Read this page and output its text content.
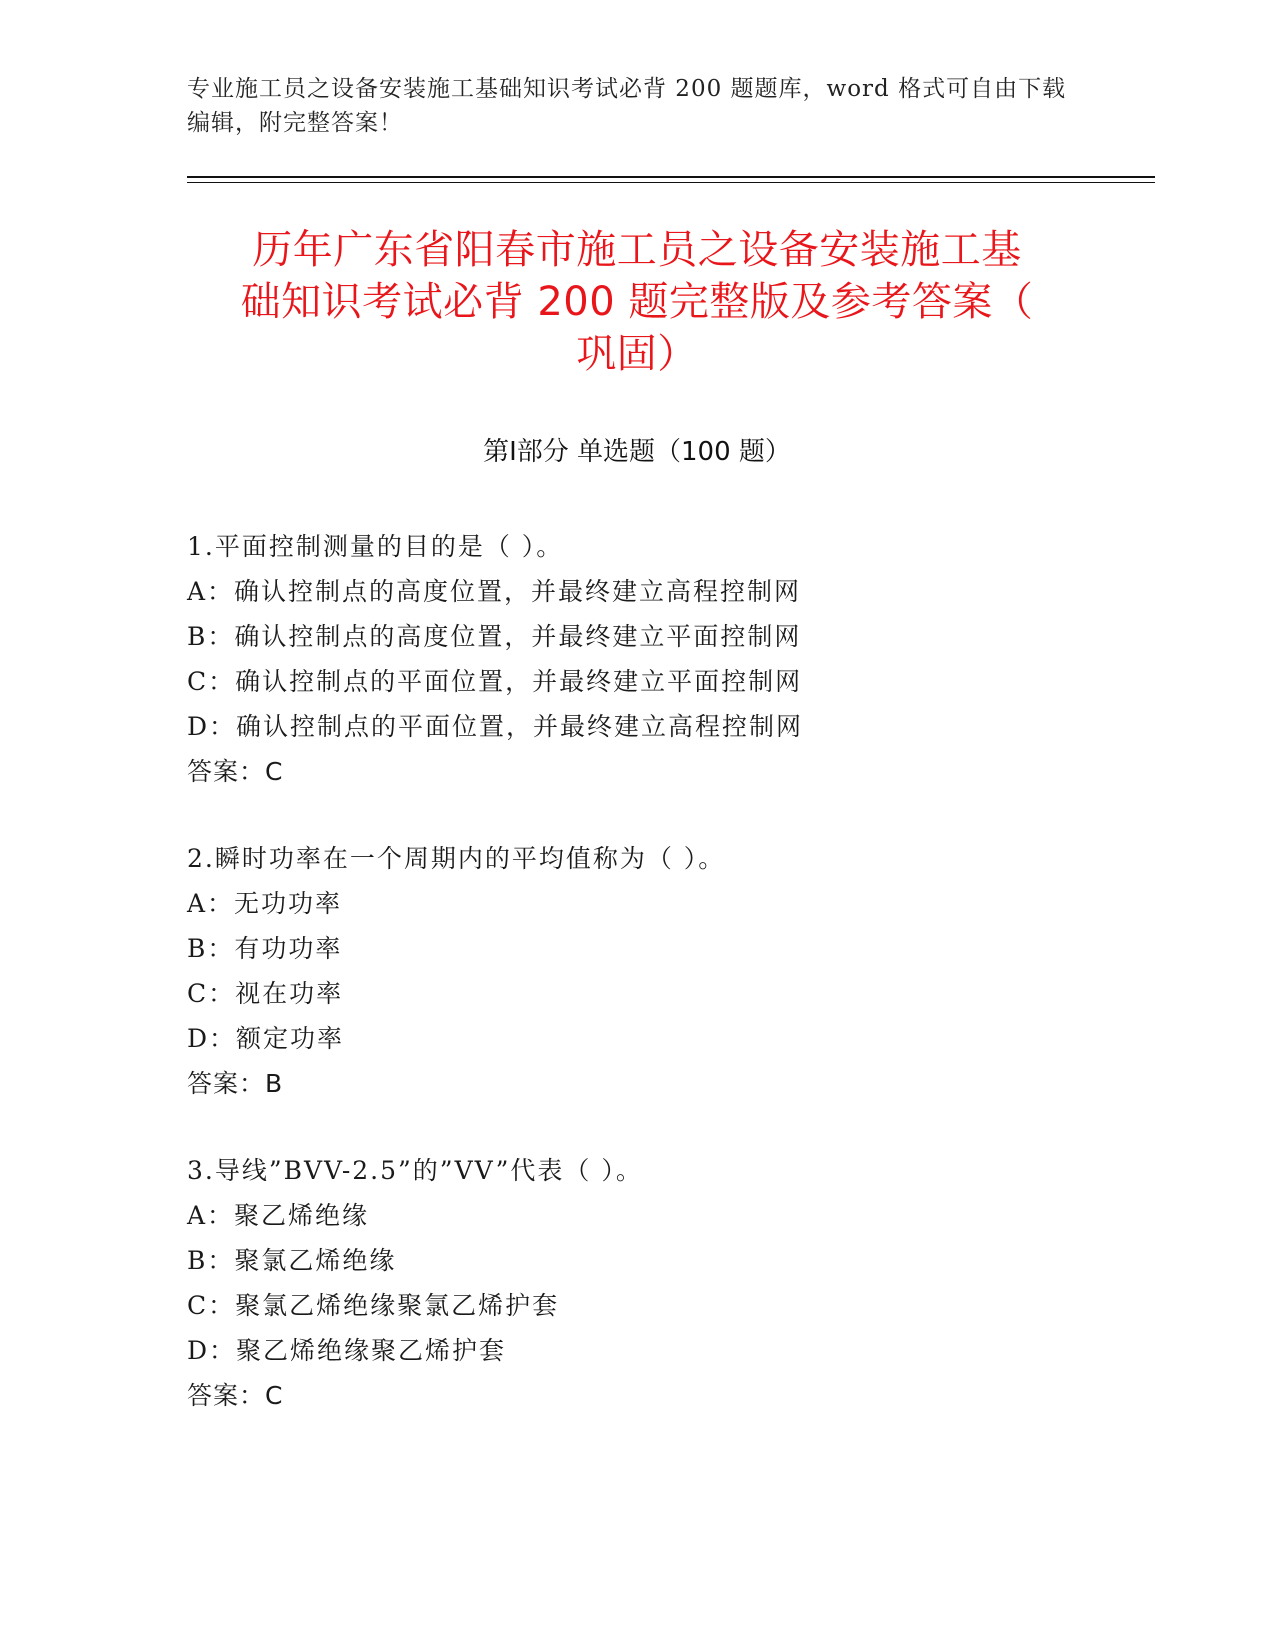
专业施工员之设备安装施工基础知识考试必背 200 题题库，word 格式可自由下载
编辑，附完整答案！
历年广东省阳春市施工员之设备安装施工基
础知识考试必背 200 题完整版及参考答案（
巩固）
第Ⅰ部分 单选题（100 题）
1.平面控制测量的目的是（ ）。
A：确认控制点的高度位置，并最终建立高程控制网
B：确认控制点的高度位置，并最终建立平面控制网
C：确认控制点的平面位置，并最终建立平面控制网
D：确认控制点的平面位置，并最终建立高程控制网
答案：C
2.瞬时功率在一个周期内的平均值称为（ ）。
A：无功功率
B：有功功率
C：视在功率
D：额定功率
答案：B
3.导线”BVV-2.5”的”VV”代表（ ）。
A：聚乙烯绝缘
B：聚氯乙烯绝缘
C：聚氯乙烯绝缘聚氯乙烯护套
D：聚乙烯绝缘聚乙烯护套
答案：C
